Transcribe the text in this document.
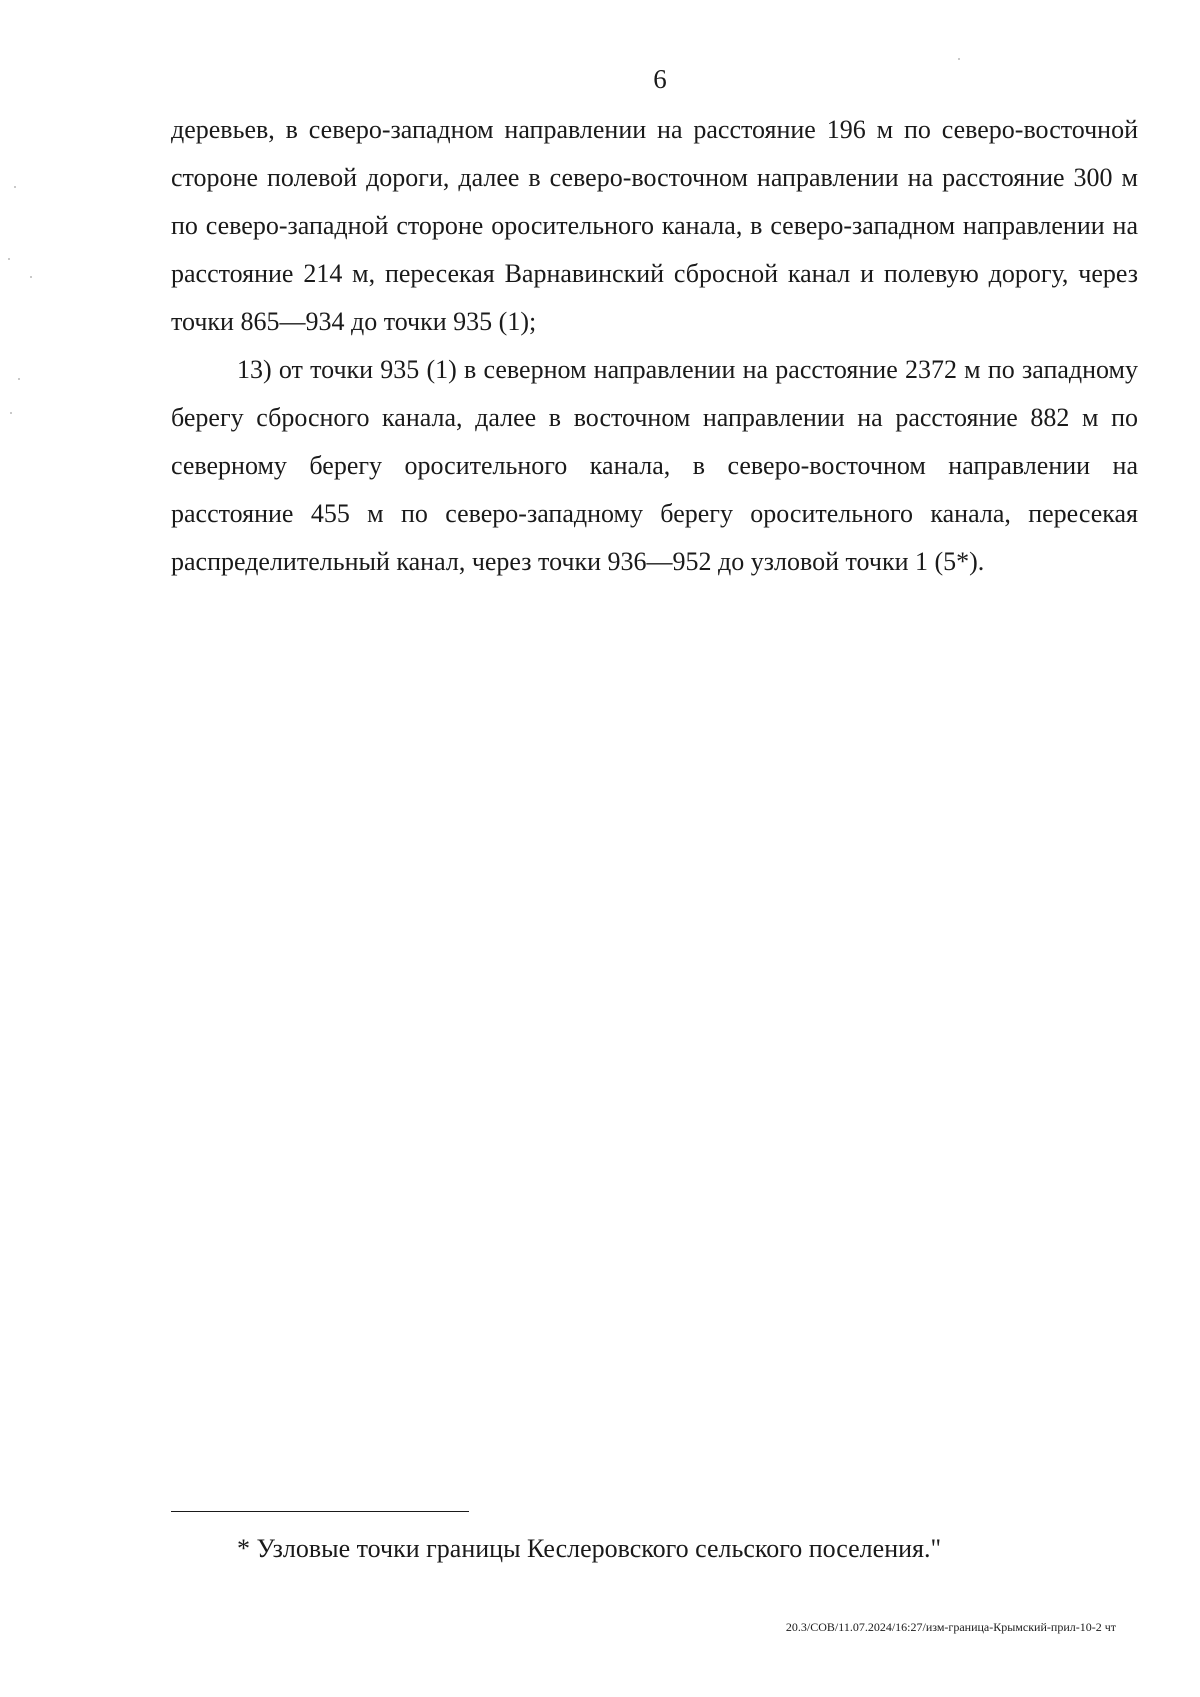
6

деревьев, в северо-западном направлении на расстояние 196 м по северо-восточной стороне полевой дороги, далее в северо-восточном направлении на расстояние 300 м по северо-западной стороне оросительного канала, в северо-западном направлении на расстояние 214 м, пересекая Варнавинский сбросной канал и полевую дорогу, через точки 865—934 до точки 935 (1);

13) от точки 935 (1) в северном направлении на расстояние 2372 м по западному берегу сбросного канала, далее в восточном направлении на расстояние 882 м по северному берегу оросительного канала, в северо-восточном направлении на расстояние 455 м по северо-западному берегу оросительного канала, пересекая распределительный канал, через точки 936—952 до узловой точки 1 (5*).

* Узловые точки границы Кеслеровского сельского поселения."
20.3/СОВ/11.07.2024/16:27/изм-граница-Крымский-прил-10-2 чт
